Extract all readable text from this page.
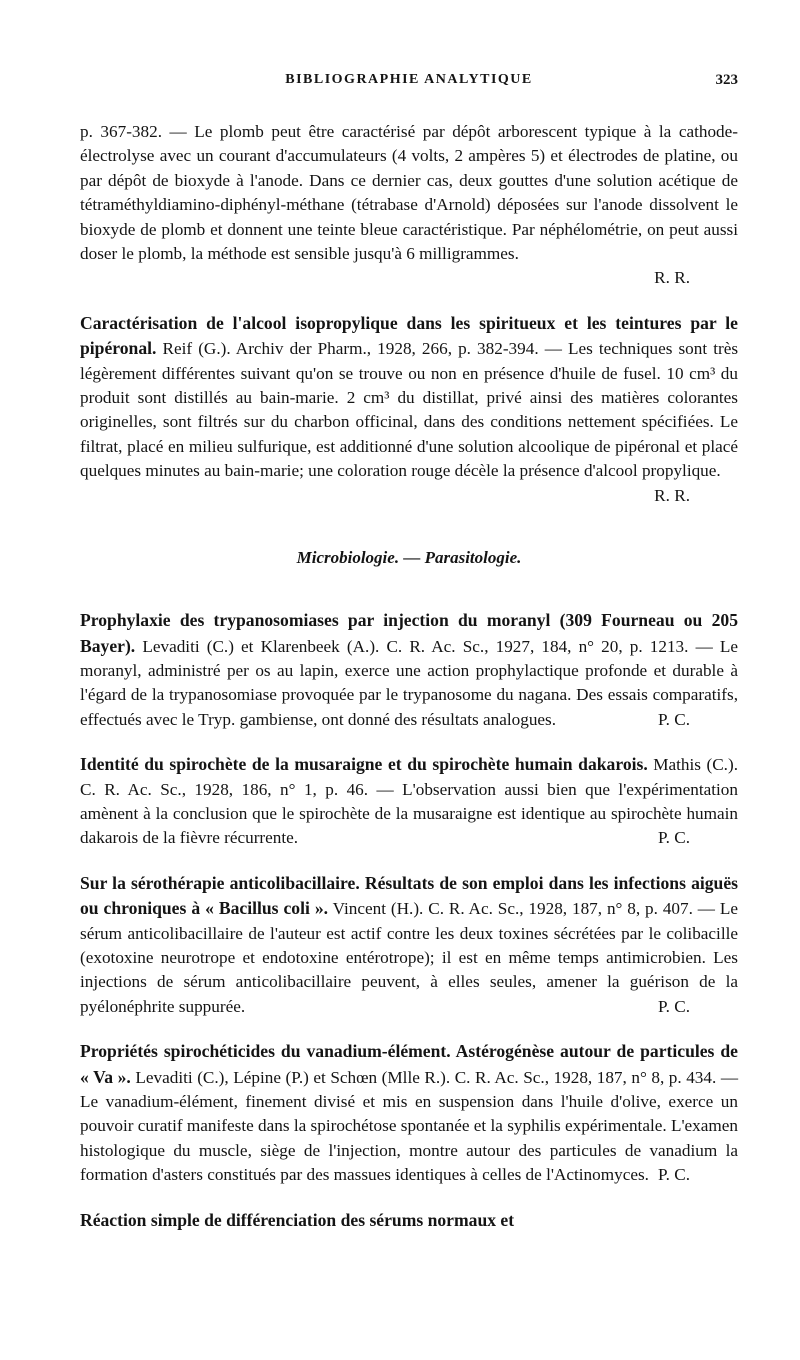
BIBLIOGRAPHIE ANALYTIQUE	323

p. 367-382. — Le plomb peut être caractérisé par dépôt arborescent typique à la cathode-électrolyse avec un courant d'accumulateurs (4 volts, 2 ampères 5) et électrodes de platine, ou par dépôt de bioxyde à l'anode. Dans ce dernier cas, deux gouttes d'une solution acétique de tétraméthyldiamino-diphényl-méthane (tétrabase d'Arnold) déposées sur l'anode dissolvent le bioxyde de plomb et donnent une teinte bleue caractéristique. Par néphélométrie, on peut aussi doser le plomb, la méthode est sensible jusqu'à 6 milligrammes.
R. R.

Caractérisation de l'alcool isopropylique dans les spiritueux et les teintures par le pipéronal. Reif (G.). Archiv der Pharm., 1928, 266, p. 382-394. — Les techniques sont très légèrement différentes suivant qu'on se trouve ou non en présence d'huile de fusel. 10 cm³ du produit sont distillés au bain-marie. 2 cm³ du distillat, privé ainsi des matières colorantes originelles, sont filtrés sur du charbon officinal, dans des conditions nettement spécifiées. Le filtrat, placé en milieu sulfurique, est additionné d'une solution alcoolique de pipéronal et placé quelques minutes au bain-marie; une coloration rouge décèle la présence d'alcool propylique.
R. R.

Microbiologie. — Parasitologie.

Prophylaxie des trypanosomiases par injection du moranyl (309 Fourneau ou 205 Bayer). Levaditi (C.) et Klarenbeek (A.). C. R. Ac. Sc., 1927, 184, n° 20, p. 1213. — Le moranyl, administré per os au lapin, exerce une action prophylactique profonde et durable à l'égard de la trypanosomiase provoquée par le trypanosome du nagana. Des essais comparatifs, effectués avec le Tryp. gambiense, ont donné des résultats analogues.	P. C.

Identité du spirochète de la musaraigne et du spirochète humain dakarois. Mathis (C.). C. R. Ac. Sc., 1928, 186, n° 1, p. 46. — L'observation aussi bien que l'expérimentation amènent à la conclusion que le spirochète de la musaraigne est identique au spirochète humain dakarois de la fièvre récurrente.	P. C.

Sur la sérothérapie anticolibacillaire. Résultats de son emploi dans les infections aiguës ou chroniques à « Bacillus coli ». Vincent (H.). C. R. Ac. Sc., 1928, 187, n° 8, p. 407. — Le sérum anticolibacillaire de l'auteur est actif contre les deux toxines sécrétées par le colibacille (exotoxine neurotrope et endotoxine entérotrope); il est en même temps antimicrobien. Les injections de sérum anticolibacillaire peuvent, à elles seules, amener la guérison de la pyélonéphrite suppurée.	P. C.

Propriétés spirochéticides du vanadium-élément. Astérogénèse autour de particules de « Va ». Levaditi (C.), Lépine (P.) et Schœn (Mlle R.). C. R. Ac. Sc., 1928, 187, n° 8, p. 434. — Le vanadium-élément, finement divisé et mis en suspension dans l'huile d'olive, exerce un pouvoir curatif manifeste dans la spirochétose spontanée et la syphilis expérimentale. L'examen histologique du muscle, siège de l'injection, montre autour des particules de vanadium la formation d'asters constitués par des massues identiques à celles de l'Actinomyces. P. C.

Réaction simple de différenciation des sérums normaux et
